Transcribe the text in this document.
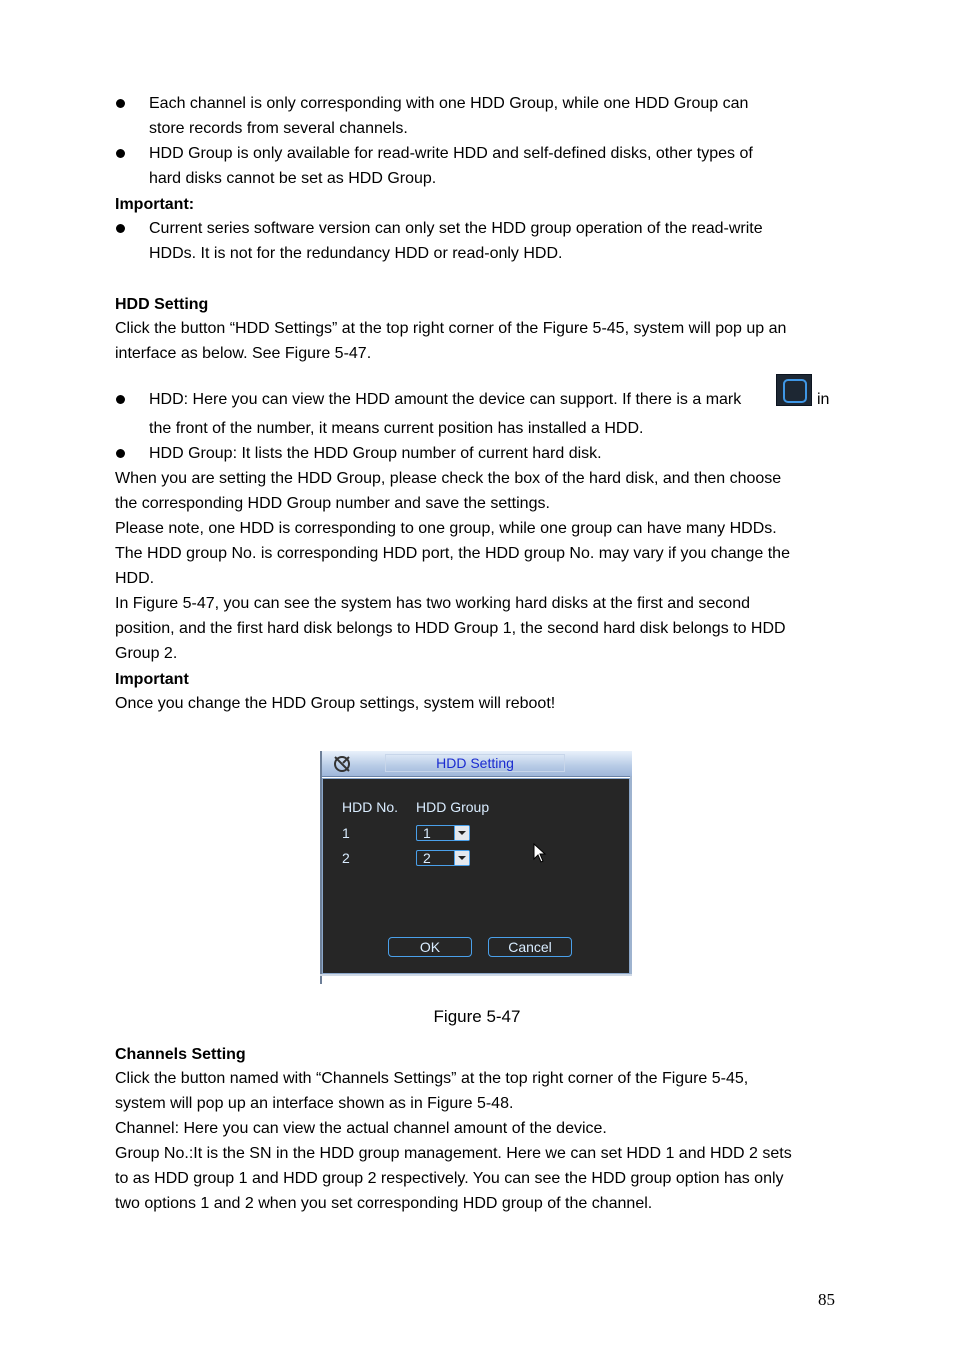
Each channel is only corresponding with one HDD Group, while one HDD Group can
store records from several channels.
HDD Group is only available for read-write HDD and self-defined disks, other types of
hard disks cannot be set as HDD Group.
Important:
Current series software version can only set the HDD group operation of the read-write
HDDs. It is not for the redundancy HDD or read-only HDD.
HDD Setting
Click the button “HDD Settings” at the top right corner of the Figure 5-45, system will pop up an
interface as below. See Figure 5-47.
HDD: Here you can view the HDD amount the device can support. If there is a mark	in
the front of the number, it means current position has installed a HDD.
HDD Group: It lists the HDD Group number of current hard disk.
When you are setting the HDD Group, please check the box of the hard disk, and then choose
the corresponding HDD Group number and save the settings.
Please note, one HDD is corresponding to one group, while one group can have many HDDs.
The HDD group No. is corresponding HDD port, the HDD group No. may vary if you change the
HDD.
In Figure 5-47, you can see the system has two working hard disks at the first and second
position, and the first hard disk belongs to HDD Group 1, the second hard disk belongs to HDD
Group 2.
Important
Once you change the HDD Group settings, system will reboot!
HDD Setting
HDD No. HDD Group
1	1
2	2
OK	Cancel
Figure 5-47
Channels Setting
Click the button named with “Channels Settings” at the top right corner of the Figure 5-45,
system will pop up an interface shown as in Figure 5-48.
Channel: Here you can view the actual channel amount of the device.
Group No.:It is the SN in the HDD group management. Here we can set HDD 1 and HDD 2 sets
to as HDD group 1 and HDD group 2 respectively. You can see the HDD group option has only
two options 1 and 2 when you set corresponding HDD group of the channel.
85
